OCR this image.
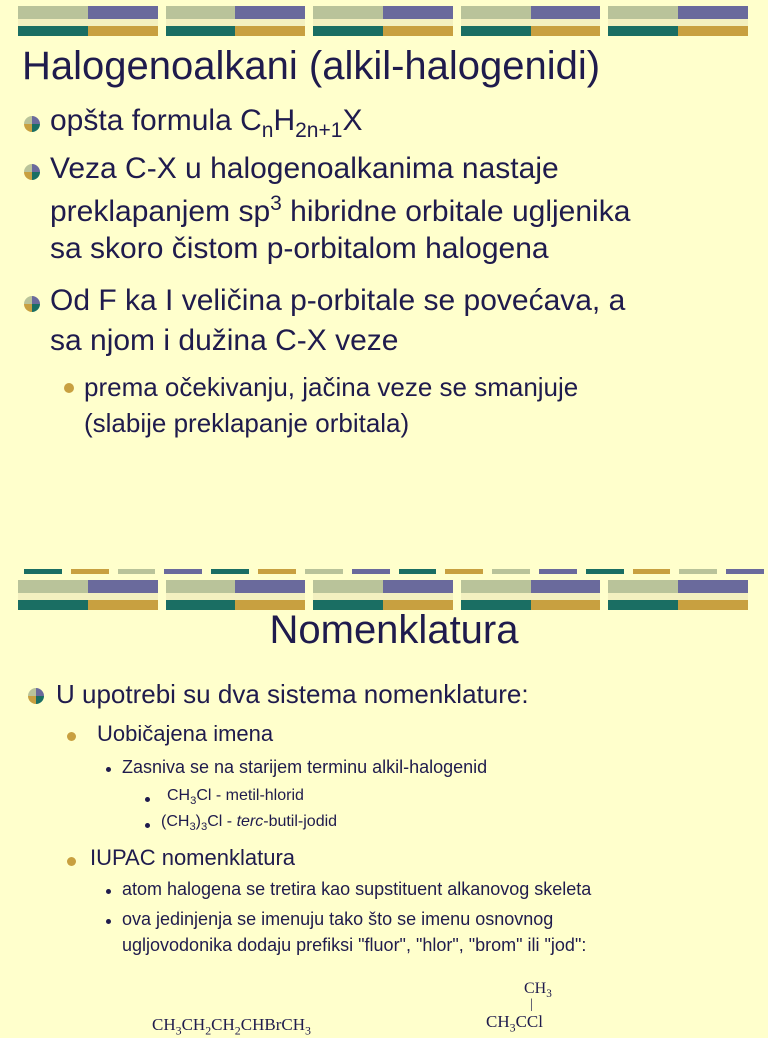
Halogenoalkani (alkil-halogenidi)
opšta formula $C_nH_{2n+1}X$
Veza C-X u halogenoalkanima nastaje
preklapanjem $sp^3$ hibridne orbitale ugljenika
sa skoro čistom p-orbitalom halogena
Od F ka I veličina p-orbitale se povećava, a
sa njom i dužina C-X veze
prema očekivanju, jačina veze se smanjuje
(slabije preklapanje orbitala)
Nomenklatura
U upotrebi su dva sistema nomenklature:
Uobičajena imena
Zasniva se na starijem terminu alkil-halogenid
$CH_3Cl$ - metil-hlorid
$(CH_3)_3Cl$ - terc-butil-jodid
IUPAC nomenklatura
atom halogena se tretira kao supstituent alkanovog skeleta
ova jedinjenja se imenuju tako što se imenu osnovnog
ugljovodonika dodaju prefiksi "fluor", "hlor", "brom" ili "jod":
$CH_3$
|
$CH_3CCl$
$CH_3CH_2CH_2CHBrCH_3$
